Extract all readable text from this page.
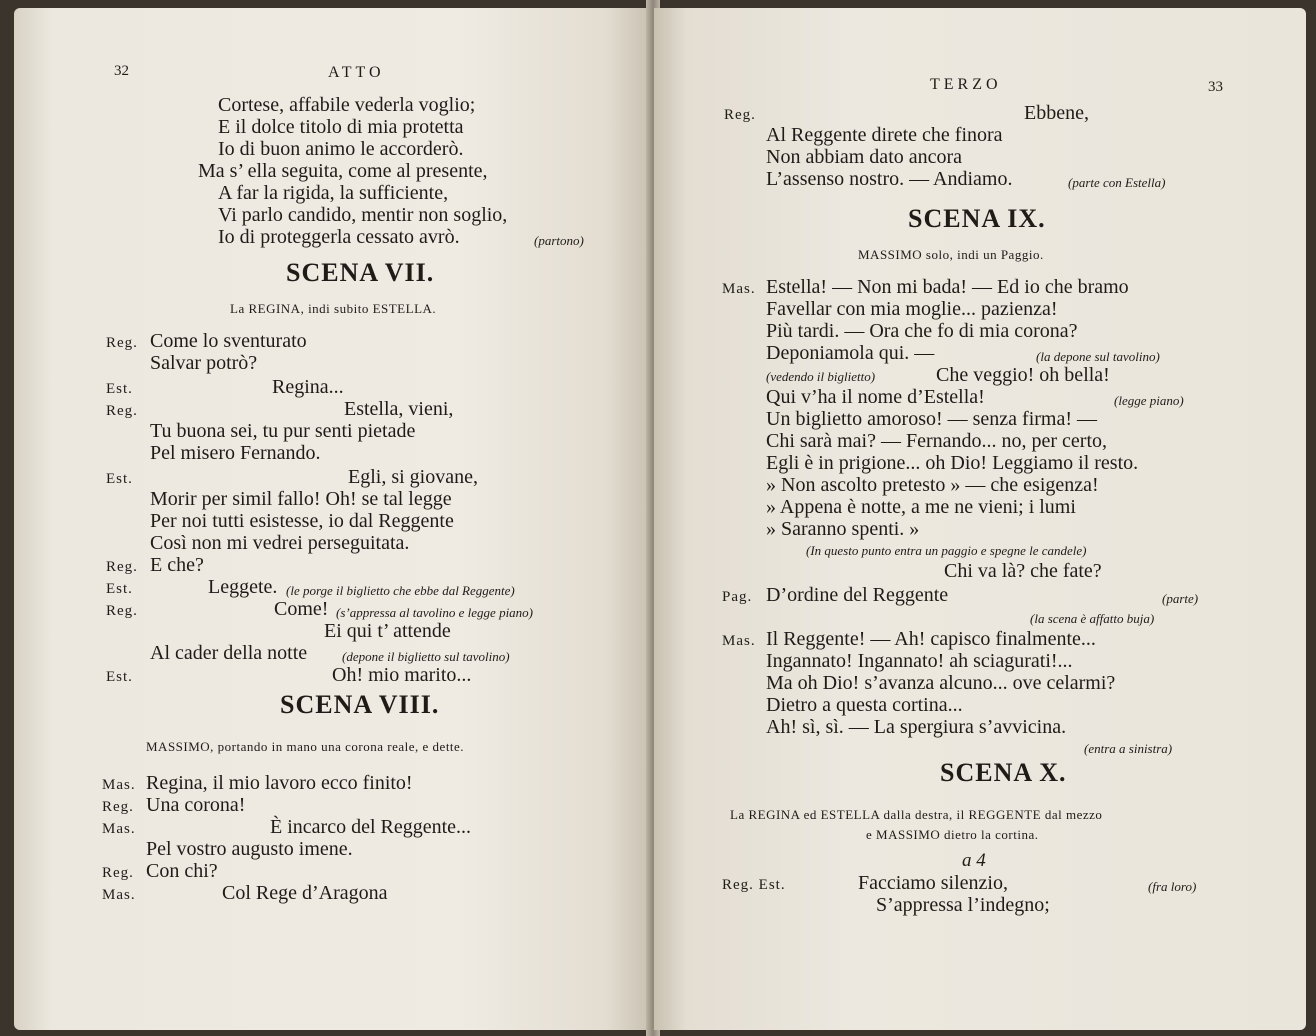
32	ATTO
Cortese, affabile vederla voglio;
E il dolce titolo di mia protetta
Io di buon animo le accorderò.
Ma s’ ella seguita, come al presente,
A far la rigida, la sufficiente,
Vi parlo candido, mentir non soglio,
Io di proteggerla cessato avrò.	(partono)
SCENA VII.
La REGINA, indi subito ESTELLA.
Reg. Come lo sventurato
Salvar potrò?
Est.	Regina...
Reg.	Estella, vieni,
Tu buona sei, tu pur senti pietade
Pel misero Fernando.
Est.	Egli, si giovane,
Morir per simil fallo! Oh! se tal legge
Per noi tutti esistesse, io dal Reggente
Così non mi vedrei perseguitata.
Reg. E che?
Est.	Leggete. (le porge il biglietto che ebbe dal Reggente)
Reg.	Come! (s’appressa al tavolino e legge piano)
Ei qui t’ attende
Al cader della notte	(depone il biglietto sul tavolino)
Est.	Oh! mio marito...
SCENA VIII.
MASSIMO, portando in mano una corona reale, e dette.
Mas. Regina, il mio lavoro ecco finito!
Reg. Una corona!
Mas.	È incarco del Reggente...
Pel vostro augusto imene.
Reg. Con chi?
Mas.	Col Rege d’Aragona
TERZO	33
Reg.	Ebbene,
Al Reggente direte che finora
Non abbiam dato ancora
L’assenso nostro. — Andiamo.	(parte con Estella)
SCENA IX.
MASSIMO solo, indi un Paggio.
Mas. Estella! — Non mi bada! — Ed io che bramo
Favellar con mia moglie... pazienza!
Più tardi. — Ora che fo di mia corona?
Deponiamola qui. —	(la depone sul tavolino)
(vedendo il biglietto)	Che veggio! oh bella!
Qui v’ha il nome d’Estella!	(legge piano)
Un biglietto amoroso! — senza firma! —
Chi sarà mai? — Fernando... no, per certo,
Egli è in prigione... oh Dio! Leggiamo il resto.
» Non ascolto pretesto » — che esigenza!
» Appena è notte, a me ne vieni; i lumi
» Saranno spenti. »
(In questo punto entra un paggio e spegne le candele)
Chi va là? che fate?
Pag. D’ordine del Reggente	(parte)
(la scena è affatto buja)
Mas. Il Reggente! — Ah! capisco finalmente...
Ingannato! Ingannato! ah sciagurati!...
Ma oh Dio! s’avanza alcuno... ove celarmi?
Dietro a questa cortina...
Ah! sì, sì. — La spergiura s’avvicina.
(entra a sinistra)
SCENA X.
La REGINA ed ESTELLA dalla destra, il REGGENTE dal mezzo
e MASSIMO dietro la cortina.
a 4
Reg. Est.	Facciamo silenzio,	(fra loro)
S’appressa l’indegno;
